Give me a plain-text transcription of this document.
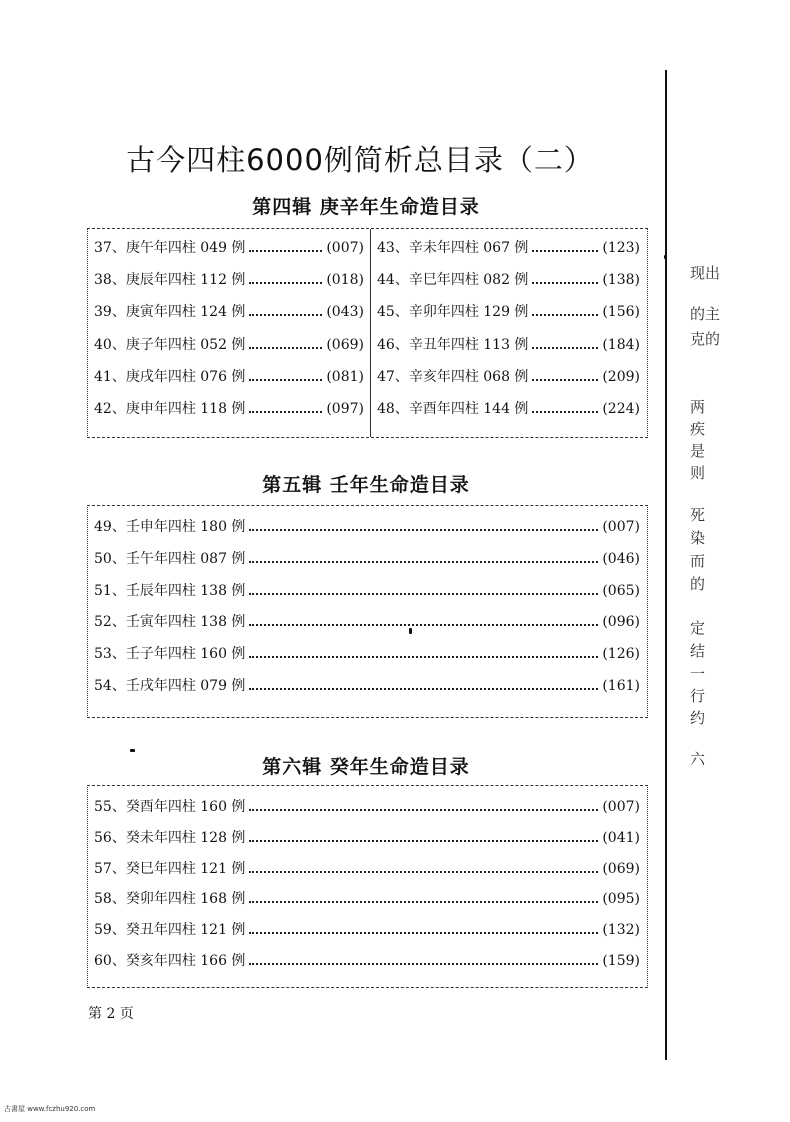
古今四柱6000例简析总目录（二）
第四辑 庚辛年生命造目录
37、庚午年四柱 049 例	(007)
38、庚辰年四柱 112 例	(018)
39、庚寅年四柱 124 例	(043)
40、庚子年四柱 052 例	(069)
41、庚戌年四柱 076 例	(081)
42、庚申年四柱 118 例	(097)
43、辛未年四柱 067 例	(123)
44、辛巳年四柱 082 例	(138)
45、辛卯年四柱 129 例	(156)
46、辛丑年四柱 113 例	(184)
47、辛亥年四柱 068 例	(209)
48、辛酉年四柱 144 例	(224)
第五辑 壬年生命造目录
49、壬申年四柱 180 例	(007)
50、壬午年四柱 087 例	(046)
51、壬辰年四柱 138 例	(065)
52、壬寅年四柱 138 例	(096)
53、壬子年四柱 160 例	(126)
54、壬戌年四柱 079 例	(161)
第六辑 癸年生命造目录
55、癸酉年四柱 160 例	(007)
56、癸未年四柱 128 例	(041)
57、癸巳年四柱 121 例	(069)
58、癸卯年四柱 168 例	(095)
59、癸丑年四柱 121 例	(132)
60、癸亥年四柱 166 例	(159)
第 2 页
古書屋 www.fczhu920.com
现出
的主
克的
两
疾
是
则
死
染
而
的
定
结
一
行
约
六
